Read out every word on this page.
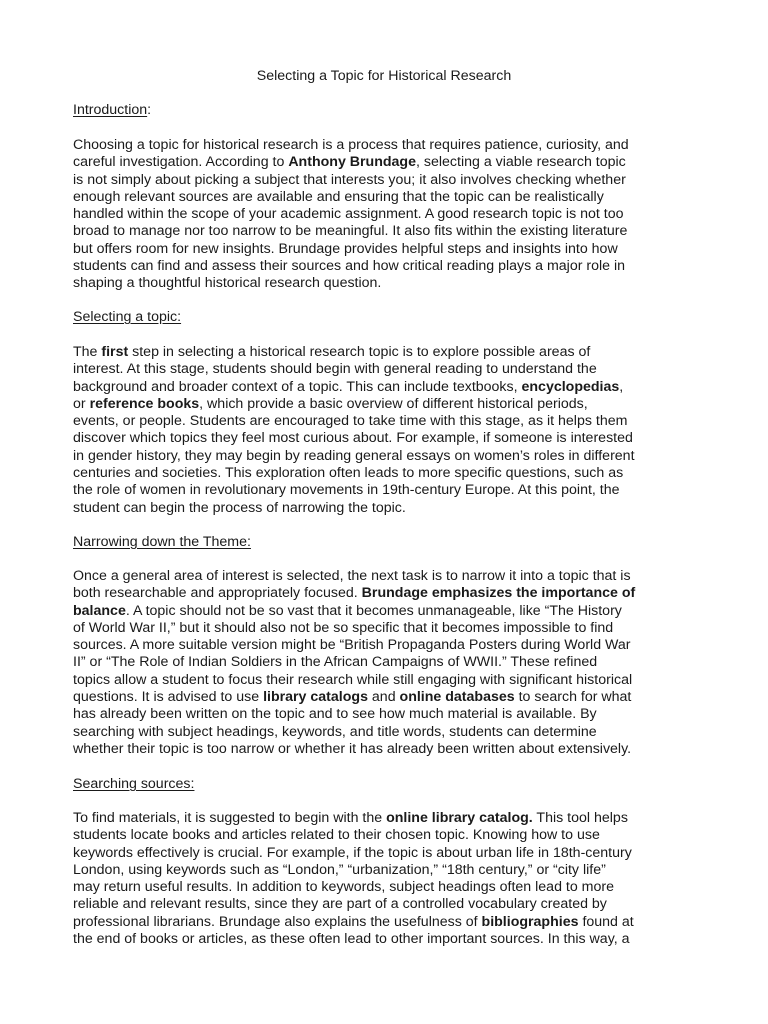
Selecting a Topic for Historical Research
Introduction:
Choosing a topic for historical research is a process that requires patience, curiosity, and
careful investigation. According to Anthony Brundage, selecting a viable research topic
is not simply about picking a subject that interests you; it also involves checking whether
enough relevant sources are available and ensuring that the topic can be realistically
handled within the scope of your academic assignment. A good research topic is not too
broad to manage nor too narrow to be meaningful. It also fits within the existing literature
but offers room for new insights. Brundage provides helpful steps and insights into how
students can find and assess their sources and how critical reading plays a major role in
shaping a thoughtful historical research question.
Selecting a topic:
The first step in selecting a historical research topic is to explore possible areas of
interest. At this stage, students should begin with general reading to understand the
background and broader context of a topic. This can include textbooks, encyclopedias,
or reference books, which provide a basic overview of different historical periods,
events, or people. Students are encouraged to take time with this stage, as it helps them
discover which topics they feel most curious about. For example, if someone is interested
in gender history, they may begin by reading general essays on women’s roles in different
centuries and societies. This exploration often leads to more specific questions, such as
the role of women in revolutionary movements in 19th-century Europe. At this point, the
student can begin the process of narrowing the topic.
Narrowing down the Theme:
Once a general area of interest is selected, the next task is to narrow it into a topic that is
both researchable and appropriately focused. Brundage emphasizes the importance of
balance. A topic should not be so vast that it becomes unmanageable, like “The History
of World War II,” but it should also not be so specific that it becomes impossible to find
sources. A more suitable version might be “British Propaganda Posters during World War
II” or “The Role of Indian Soldiers in the African Campaigns of WWII.” These refined
topics allow a student to focus their research while still engaging with significant historical
questions. It is advised to use library catalogs and online databases to search for what
has already been written on the topic and to see how much material is available. By
searching with subject headings, keywords, and title words, students can determine
whether their topic is too narrow or whether it has already been written about extensively.
Searching sources:
To find materials, it is suggested to begin with the online library catalog. This tool helps
students locate books and articles related to their chosen topic. Knowing how to use
keywords effectively is crucial. For example, if the topic is about urban life in 18th-century
London, using keywords such as “London,” “urbanization,” “18th century,” or “city life”
may return useful results. In addition to keywords, subject headings often lead to more
reliable and relevant results, since they are part of a controlled vocabulary created by
professional librarians. Brundage also explains the usefulness of bibliographies found at
the end of books or articles, as these often lead to other important sources. In this way, a
